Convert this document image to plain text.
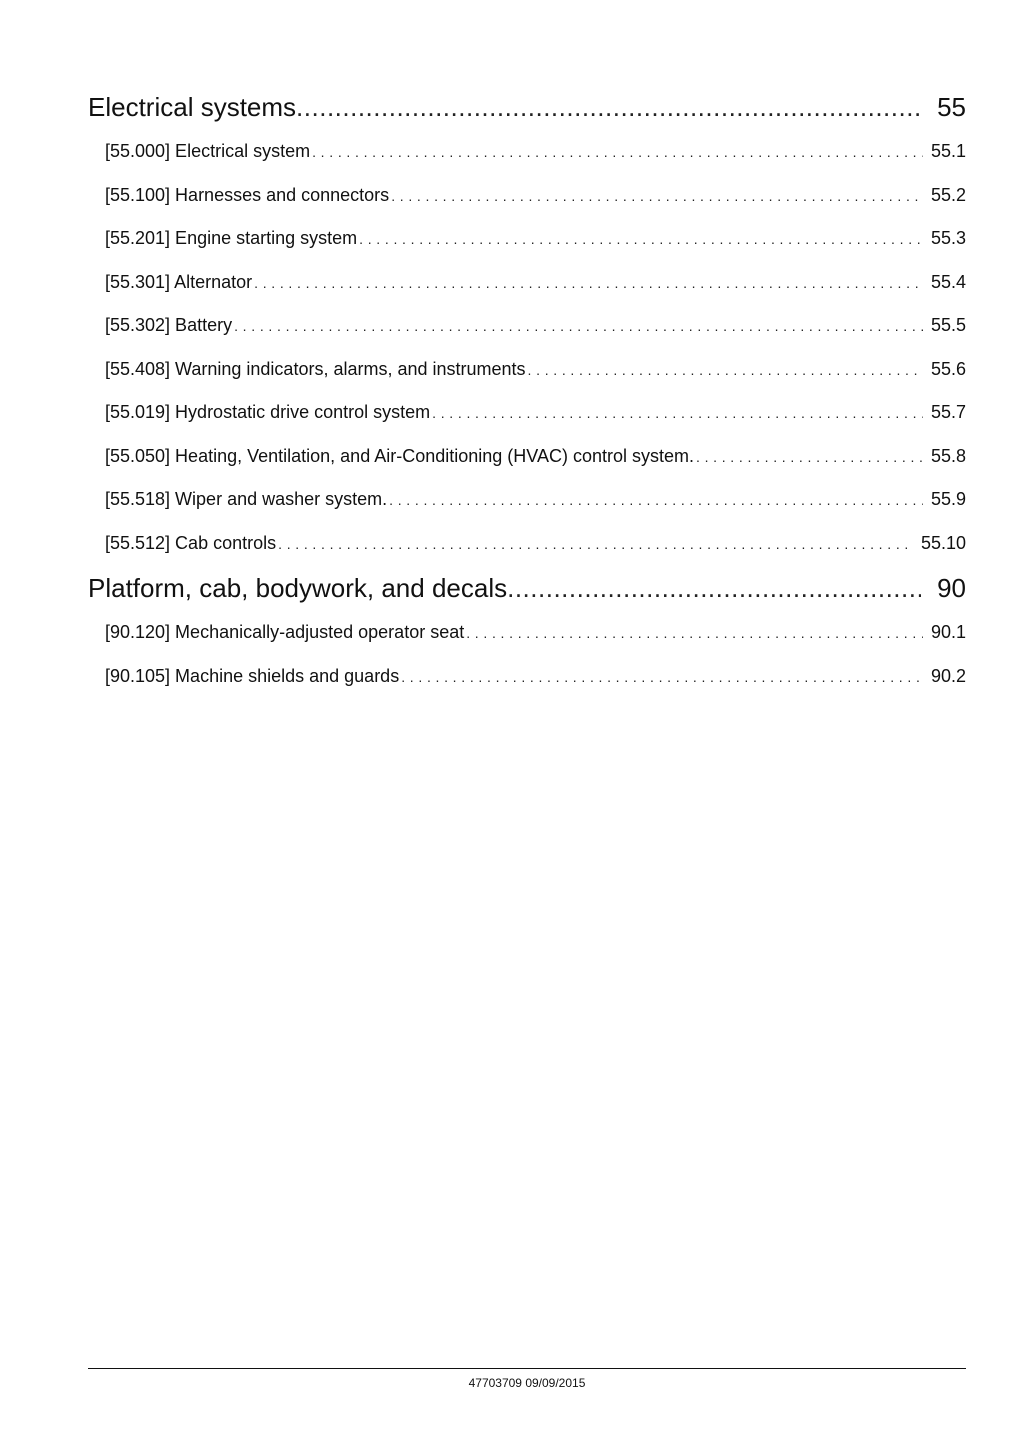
Electrical systems .....	55
[55.000] Electrical system . . .	55.1
[55.100] Harnesses and connectors . . .	55.2
[55.201] Engine starting system . . .	55.3
[55.301] Alternator . . .	55.4
[55.302] Battery . . .	55.5
[55.408] Warning indicators, alarms, and instruments . . .	55.6
[55.019] Hydrostatic drive control system . . .	55.7
[55.050] Heating, Ventilation, and Air-Conditioning (HVAC) control system. . . .	55.8
[55.518] Wiper and washer system. . . .	55.9
[55.512] Cab controls . . .	55.10
Platform, cab, bodywork, and decals .....	90
[90.120] Mechanically-adjusted operator seat . . .	90.1
[90.105] Machine shields and guards . . .	90.2
47703709 09/09/2015
